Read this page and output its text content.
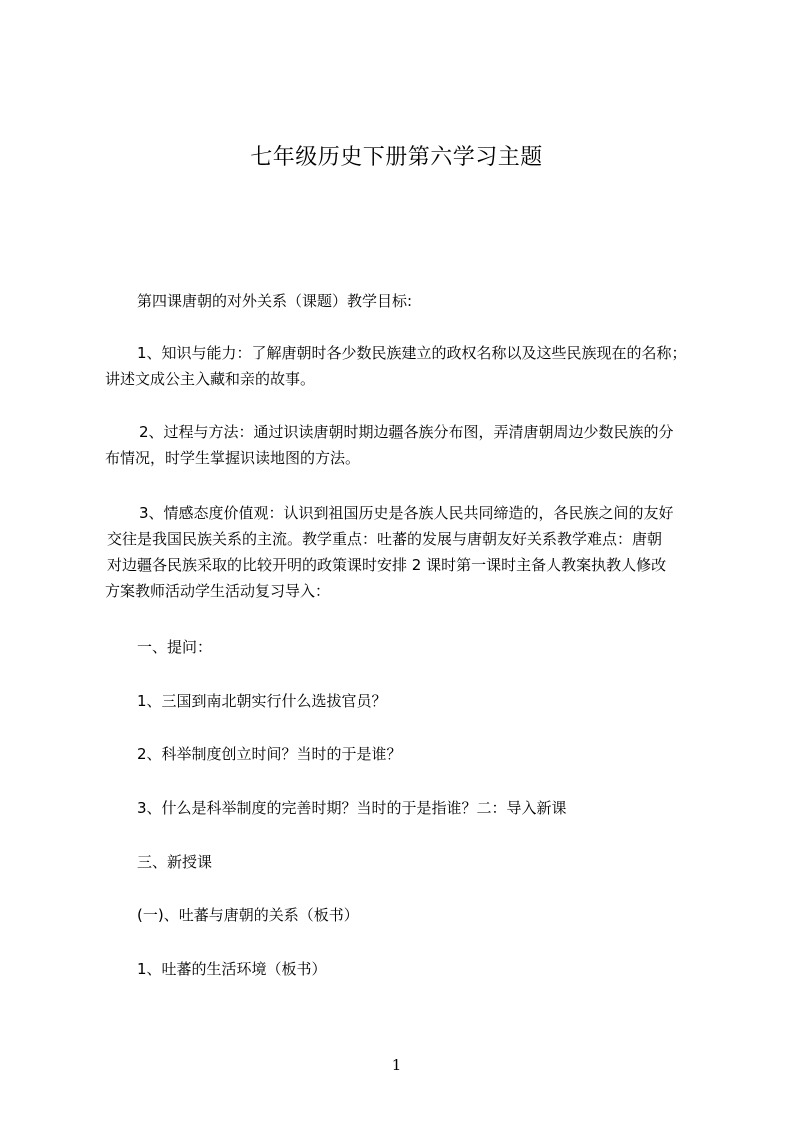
七年级历史下册第六学习主题
第四课唐朝的对外关系（课题）教学目标:
1、知识与能力：了解唐朝时各少数民族建立的政权名称以及这些民族现在的名称；
讲述文成公主入藏和亲的故事。
2、过程与方法：通过识读唐朝时期边疆各族分布图，弄清唐朝周边少数民族的分
布情况，时学生掌握识读地图的方法。
3、情感态度价值观：认识到祖国历史是各族人民共同缔造的，各民族之间的友好
交往是我国民族关系的主流。教学重点：吐蕃的发展与唐朝友好关系教学难点：唐朝
对边疆各民族采取的比较开明的政策课时安排 2 课时第一课时主备人教案执教人修改
方案教师活动学生活动复习导入：
一、提问：
1、三国到南北朝实行什么选拔官员？
2、科举制度创立时间？当时的于是谁？
3、什么是科举制度的完善时期？当时的于是指谁？二：导入新课
三、新授课
(一)、吐蕃与唐朝的关系（板书）
1、吐蕃的生活环境（板书）
1
